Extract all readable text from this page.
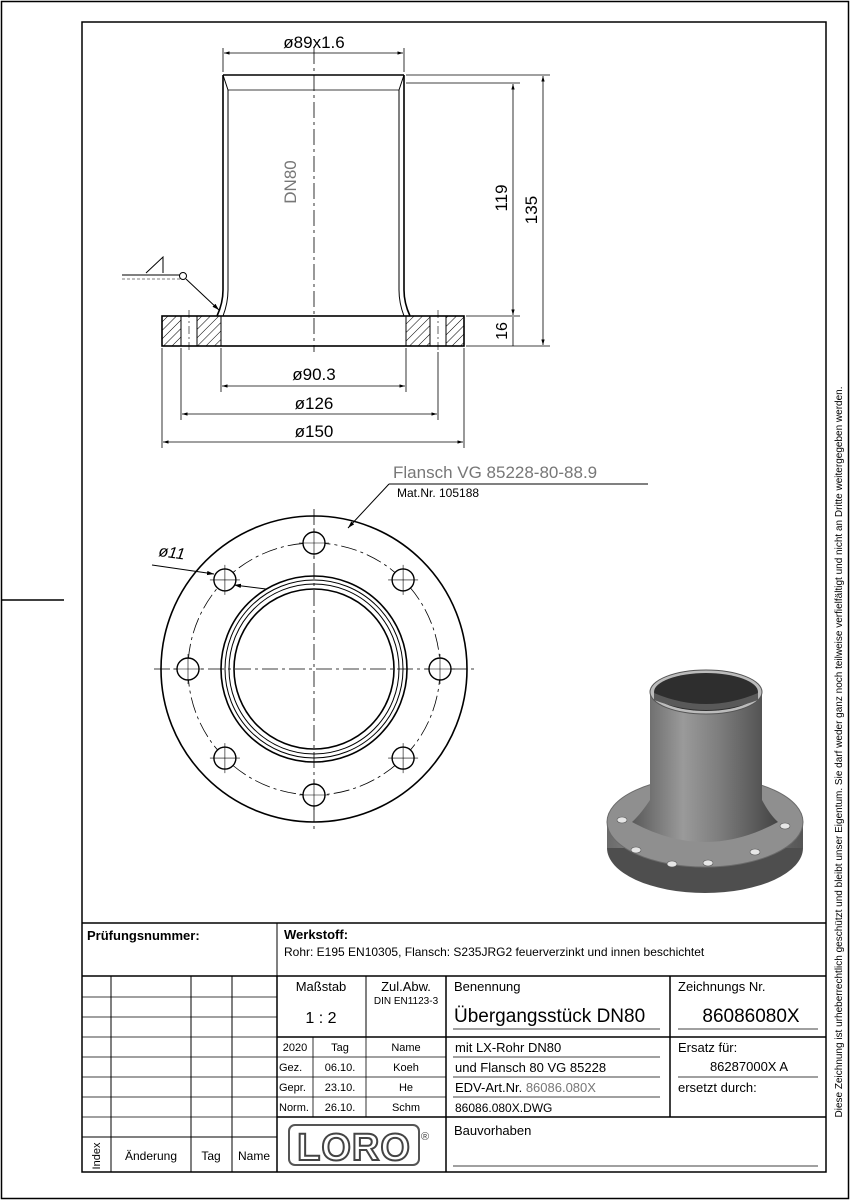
ø89x1.6
119 135
16
ø90.3
ø126
ø150
DN80
Flansch VG 85228-80-88.9
Mat.Nr. 105188
ø11
Prüfungsnummer:	Werkstoff:
Rohr: E195 EN10305, Flansch: S235JRG2 feuerverzinkt und innen beschichtet
Maßstab
1 : 2
Zul.Abw.
DIN EN1123-3
Benennung
Übergangsstück DN80
Zeichnungs Nr.
86086080X
2020 Tag	Name
Gez. 06.10.	Koeh
Gepr. 23.10.	He
Norm. 26.10.	Schm
mit LX-Rohr DN80
und Flansch 80 VG 85228
EDV-Art.Nr. 86086.080X
86086.080X.DWG
Ersatz für:
86287000X A
ersetzt durch:
Bauvorhaben
Index Änderung Tag Name LORO ®
Diese Zeichnung ist urheberrechtlich geschützt und bleibt unser Eigentum. Sie darf weder ganz noch teilweise verfielfältigt und nicht an Dritte weitergegeben werden.
